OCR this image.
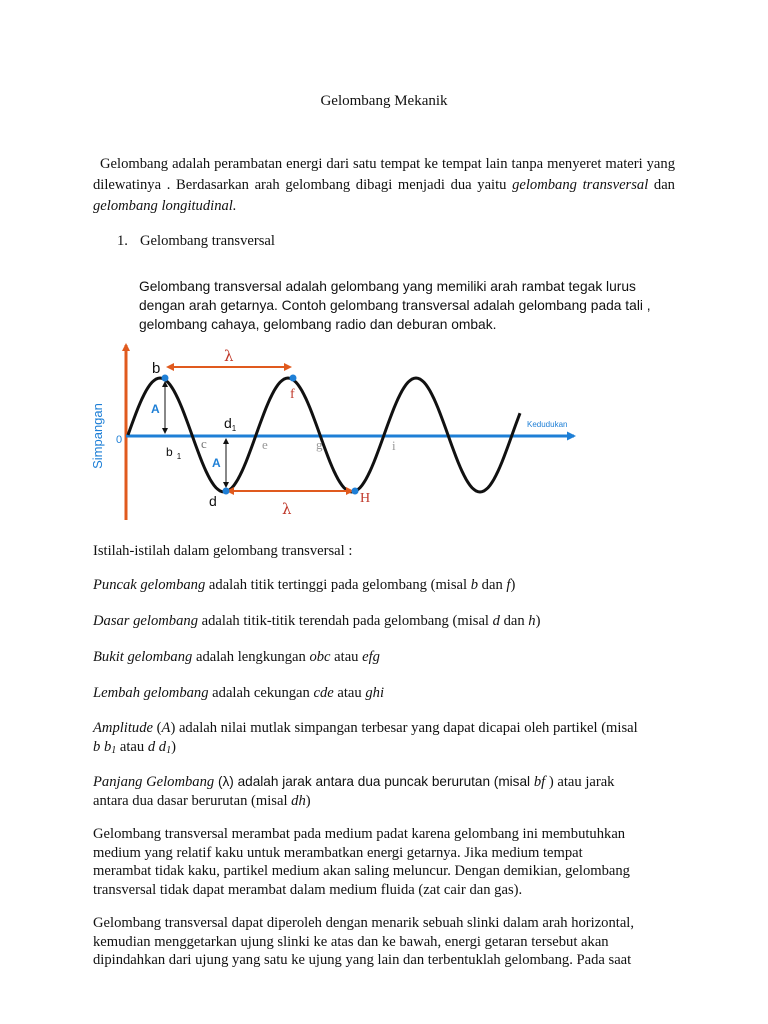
Gelombang Mekanik
Gelombang adalah perambatan energi dari satu tempat ke tempat lain tanpa menyeret materi yang dilewatinya . Berdasarkan arah gelombang dibagi menjadi dua yaitu gelombang transversal dan gelombang longitudinal.
1. Gelombang transversal
Gelombang transversal adalah gelombang yang memiliki arah rambat tegak lurus
dengan arah getarnya. Contoh gelombang transversal adalah gelombang pada tali ,
gelombang cahaya, gelombang radio dan deburan ombak.
Simpangan 0
Kedudukan
λ
λ
A
A
b
b $_1$
c
$d_1$
d
e
f
g
H
i
Istilah-istilah dalam gelombang transversal :
Puncak gelombang adalah titik tertinggi pada gelombang (misal b dan f)
Dasar gelombang adalah titik-titik terendah pada gelombang (misal d dan h)
Bukit gelombang adalah lengkungan obc atau efg
Lembah gelombang adalah cekungan cde atau ghi
Amplitude (A) adalah nilai mutlak simpangan terbesar yang dapat dicapai oleh partikel (misal
b $b_1$ atau d $d_1$)
Panjang Gelombang (λ) adalah jarak antara dua puncak berurutan (misal bf ) atau jarak
antara dua dasar berurutan (misal dh)
Gelombang transversal merambat pada medium padat karena gelombang ini membutuhkan
medium yang relatif kaku untuk merambatkan energi getarnya. Jika medium tempat
merambat tidak kaku, partikel medium akan saling meluncur. Dengan demikian, gelombang
transversal tidak dapat merambat dalam medium fluida (zat cair dan gas).
Gelombang transversal dapat diperoleh dengan menarik sebuah slinki dalam arah horizontal,
kemudian menggetarkan ujung slinki ke atas dan ke bawah, energi getaran tersebut akan
dipindahkan dari ujung yang satu ke ujung yang lain dan terbentuklah gelombang. Pada saat
